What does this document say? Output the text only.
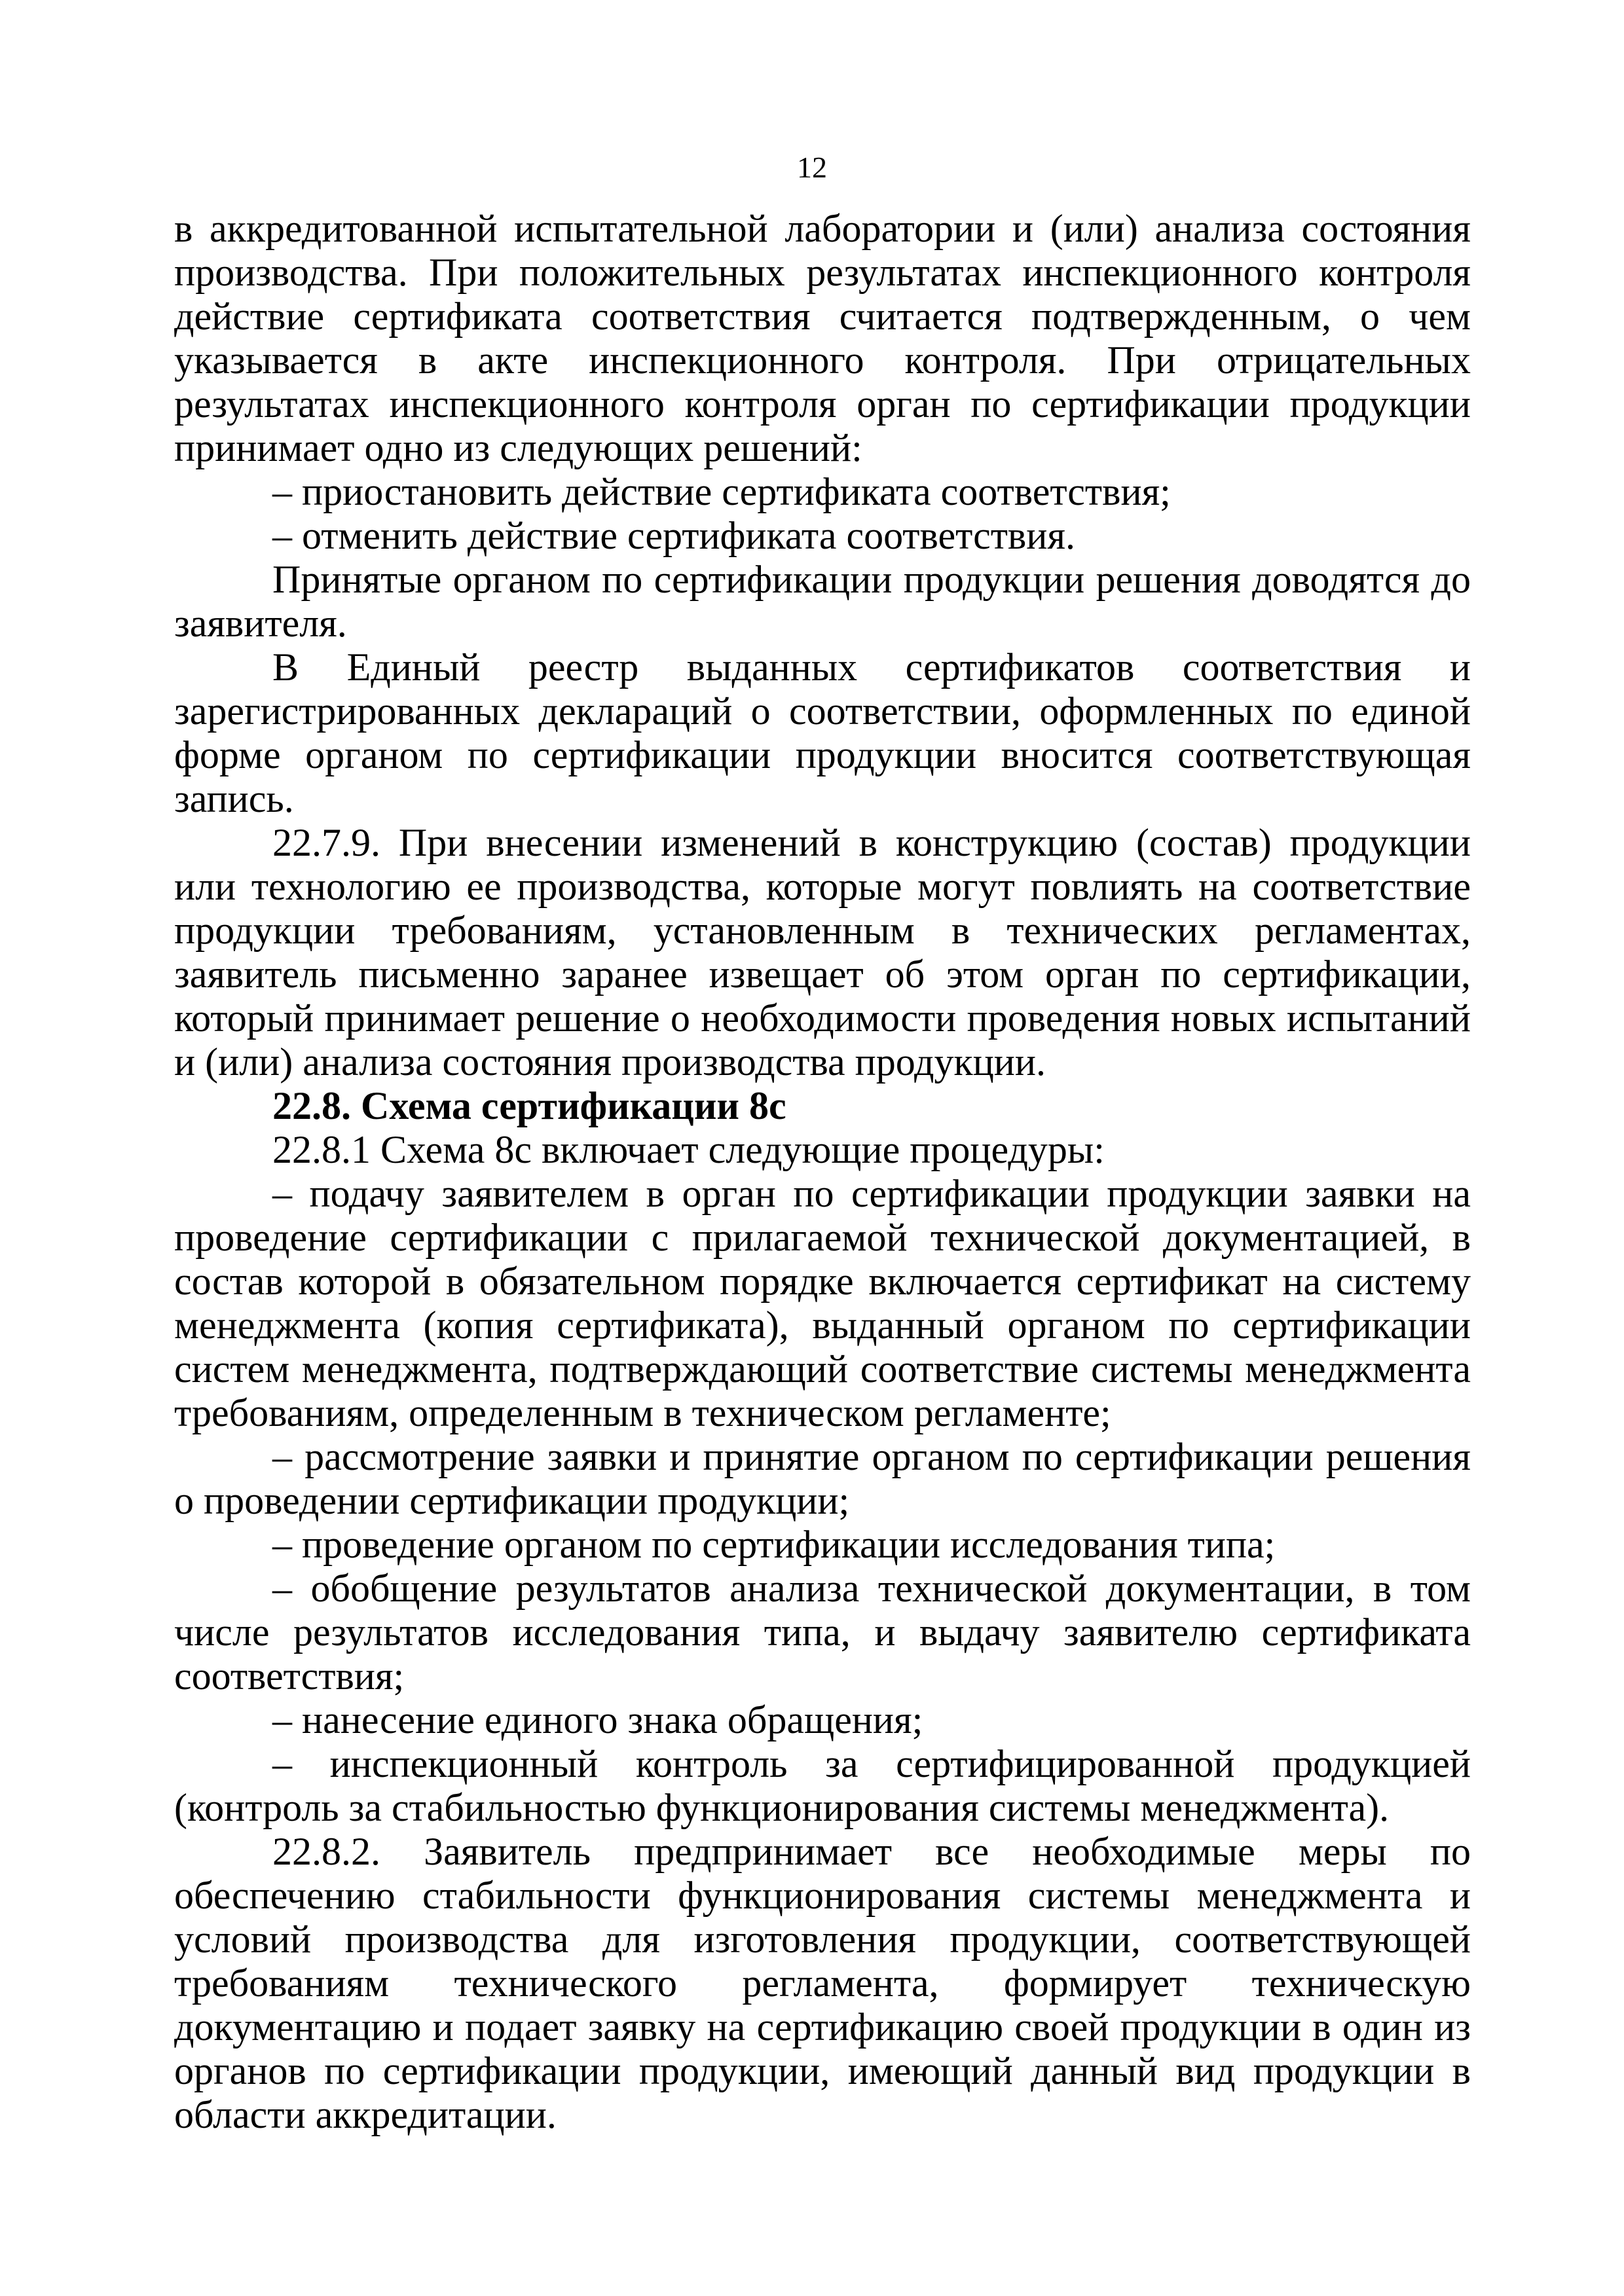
12

в аккредитованной испытательной лаборатории и (или) анализа состояния производства. При положительных результатах инспекционного контроля действие сертификата соответствия считается подтвержденным, о чем указывается в акте инспекционного контроля. При отрицательных результатах инспекционного контроля орган по сертификации продукции принимает одно из следующих решений:

– приостановить действие сертификата соответствия;

– отменить действие сертификата соответствия.

Принятые органом по сертификации продукции решения доводятся до заявителя.

В Единый реестр выданных сертификатов соответствия и зарегистрированных деклараций о соответствии, оформленных по единой форме органом по сертификации продукции вносится соответствующая запись.

22.7.9. При внесении изменений в конструкцию (состав) продукции или технологию ее производства, которые могут повлиять на соответствие продукции требованиям, установленным в технических регламентах, заявитель письменно заранее извещает об этом орган по сертификации, который принимает решение о необходимости проведения новых испытаний и (или) анализа состояния производства продукции.

22.8. Схема сертификации 8с

22.8.1 Схема 8с включает следующие процедуры:

– подачу заявителем в орган по сертификации продукции заявки на проведение сертификации с прилагаемой технической документацией, в состав которой в обязательном порядке включается сертификат на систему менеджмента (копия сертификата), выданный органом по сертификации систем менеджмента, подтверждающий соответствие системы менеджмента требованиям, определенным в техническом регламенте;

– рассмотрение заявки и принятие органом по сертификации решения о проведении сертификации продукции;

– проведение органом по сертификации исследования типа;

– обобщение результатов анализа технической документации, в том числе результатов исследования типа, и выдачу заявителю сертификата соответствия;

– нанесение единого знака обращения;

– инспекционный контроль за сертифицированной продукцией (контроль за стабильностью функционирования системы менеджмента).

22.8.2. Заявитель предпринимает все необходимые меры по обеспечению стабильности функционирования системы менеджмента и условий производства для изготовления продукции, соответствующей требованиям технического регламента, формирует техническую документацию и подает заявку на сертификацию своей продукции в один из органов по сертификации продукции, имеющий данный вид продукции в области аккредитации.
